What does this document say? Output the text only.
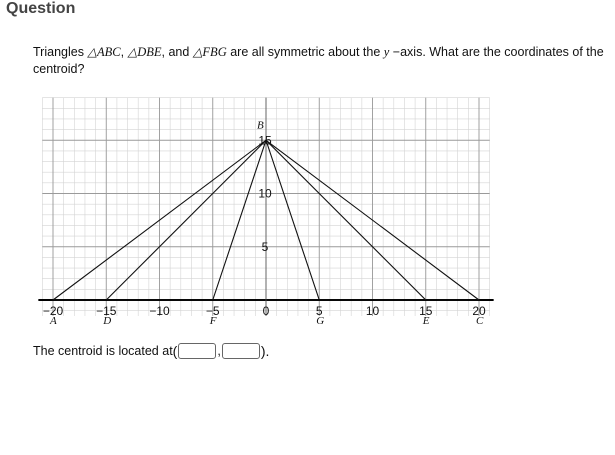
Question
Triangles △ABC, △DBE, and △FBG are all symmetric about the y −axis. What are the coordinates of the centroid?
−20	−15	−10	−5	0	5	10	15	20
5
10
15
A
B
C
D	E
F	G
The centroid is located at (	,	).
